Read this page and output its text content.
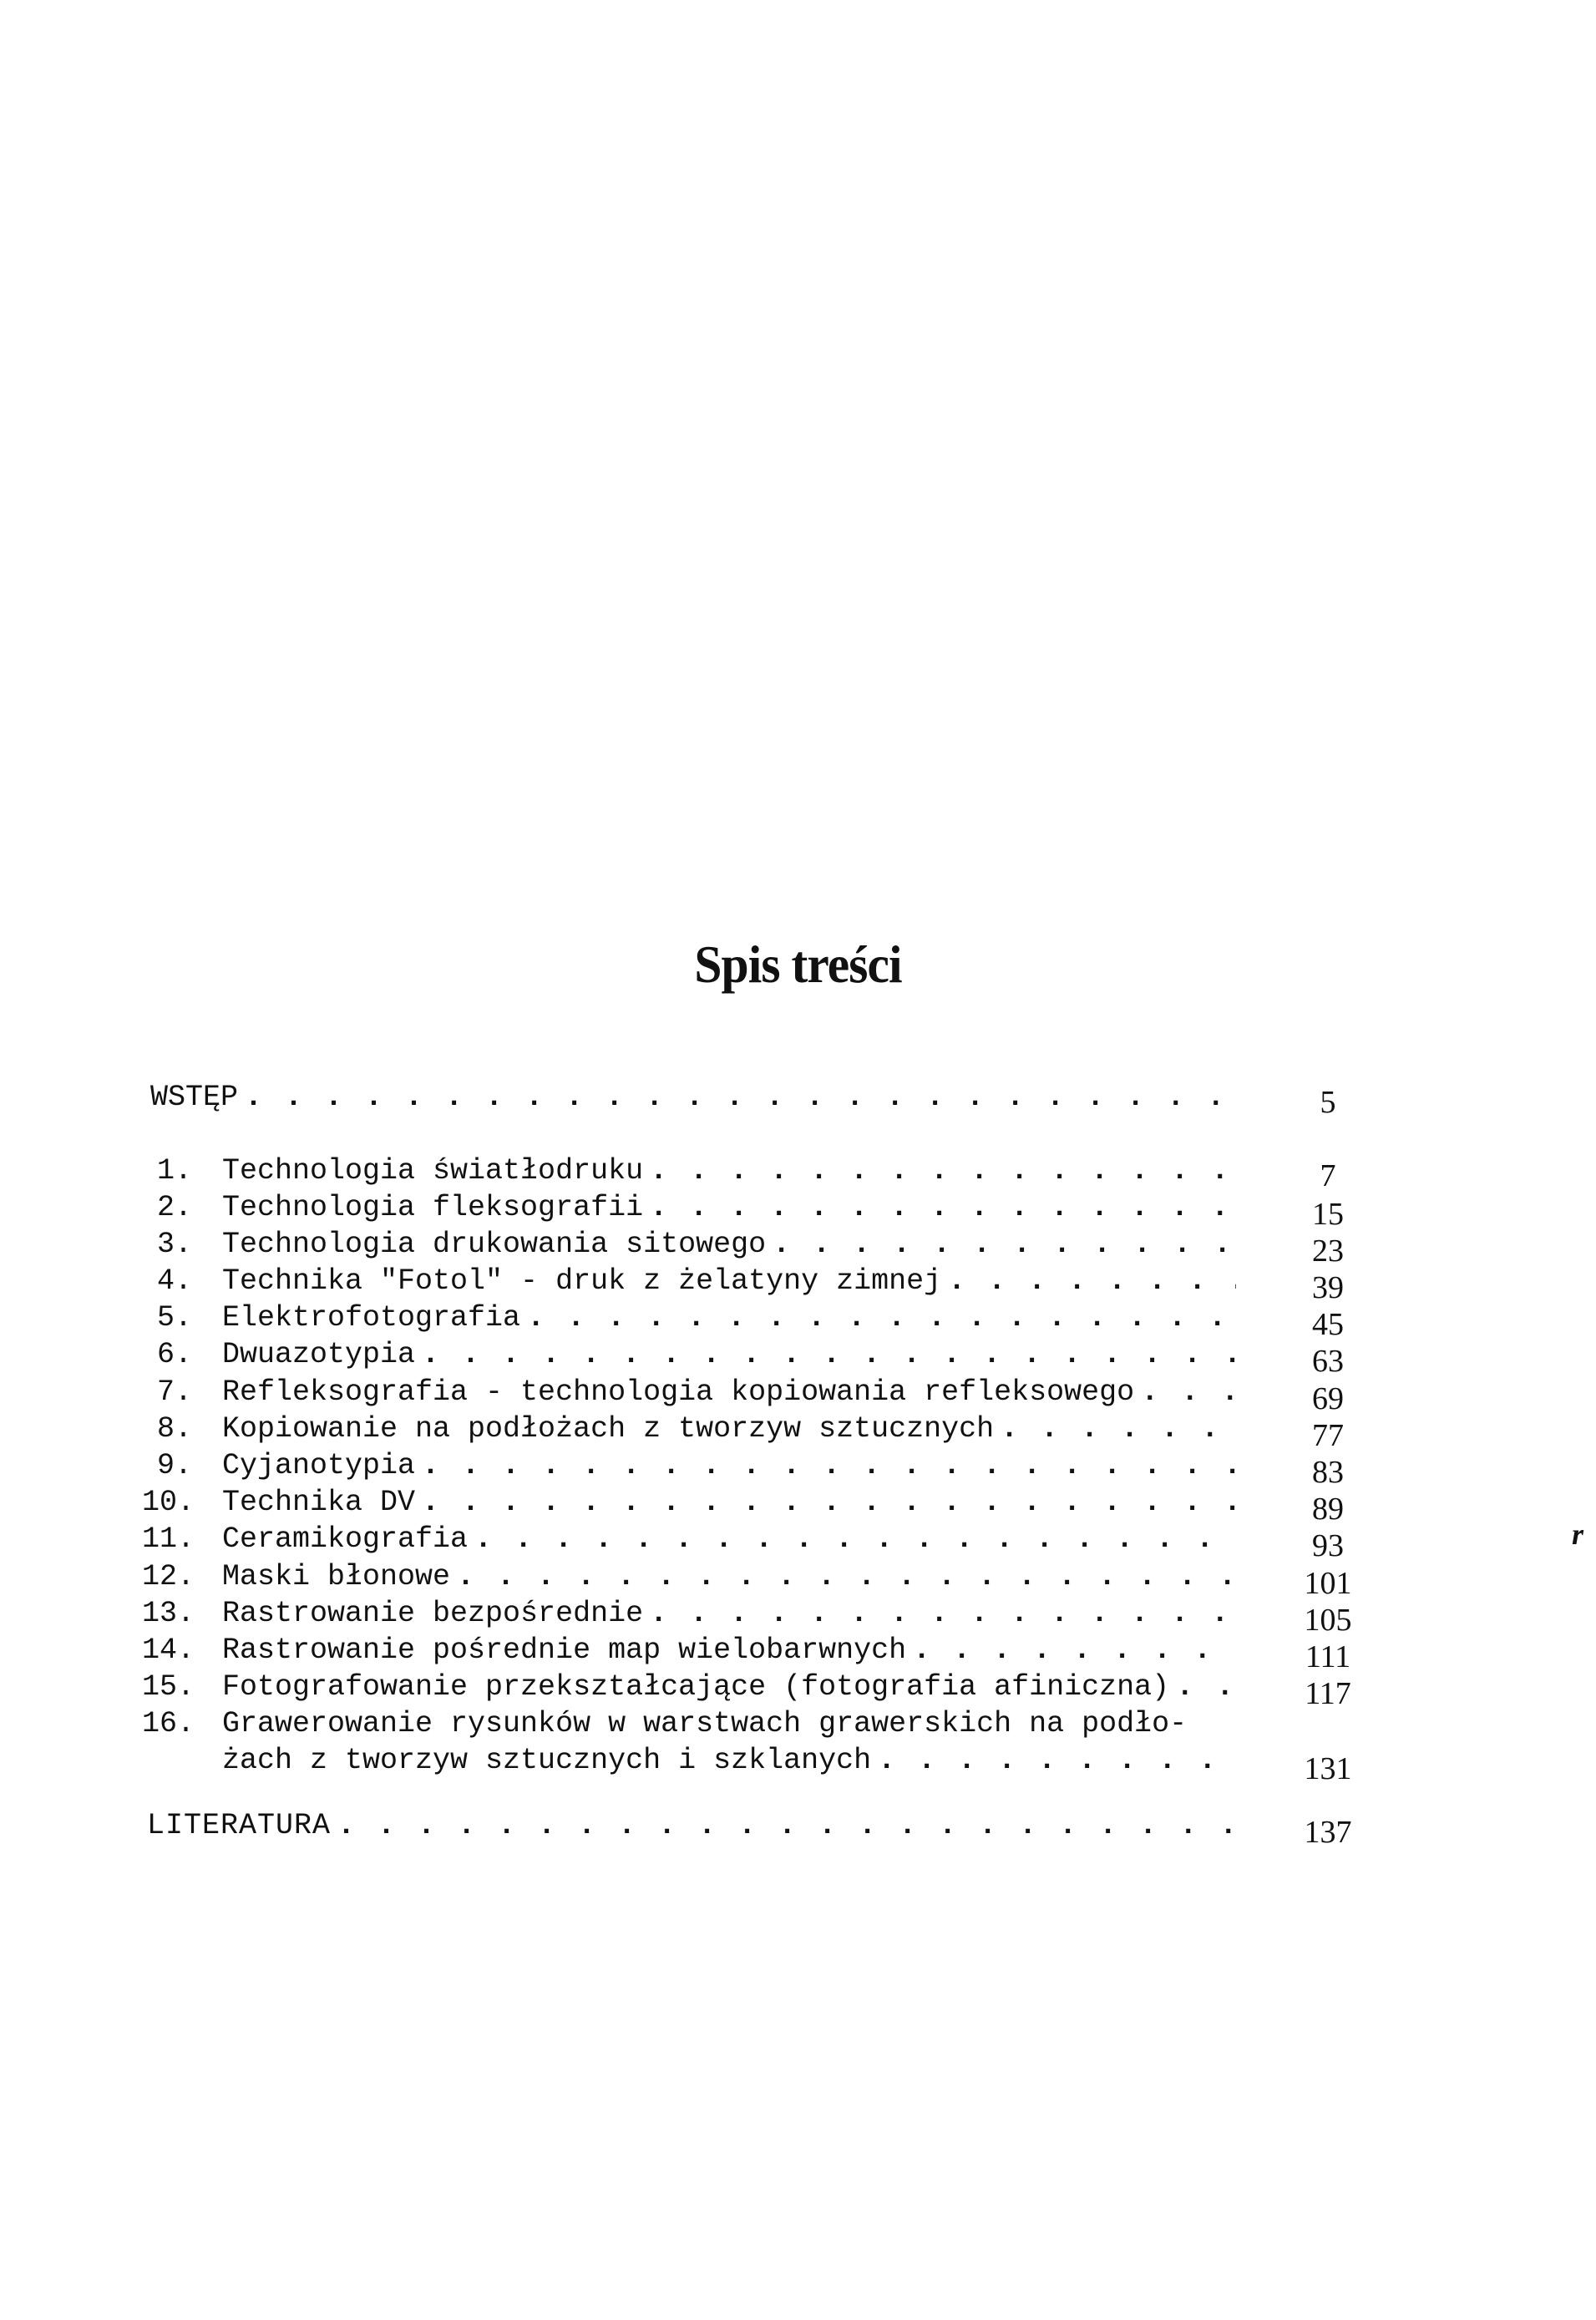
Spis treści
WSTĘP . . .	5
1. Technologia światłodruku . . .	7
2. Technologia fleksografii . . .	15
3. Technologia drukowania sitowego . . .	23
4. Technika "Fotol" - druk z żelatyny zimnej . . .	39
5. Elektrofotografia . . .	45
6. Dwuazotypia . . .	63
7. Refleksografia - technologia kopiowania refleksowego . . .	69
8. Kopiowanie na podłożach z tworzyw sztucznych . . .	77
9. Cyjanotypia . . .	83
10. Technika DV . . .	89
11. Ceramikografia . . .	93
12. Maski błonowe . . .	101
13. Rastrowanie bezpośrednie . . .	105
14. Rastrowanie pośrednie map wielobarwnych . . .	111
15. Fotografowanie przekształcające (fotografia afiniczna) . . .	117
16. Grawerowanie rysunków w warstwach grawerskich na podło-
żach z tworzyw sztucznych i szklanych . . .	131
LITERATURA . . .	137
r
